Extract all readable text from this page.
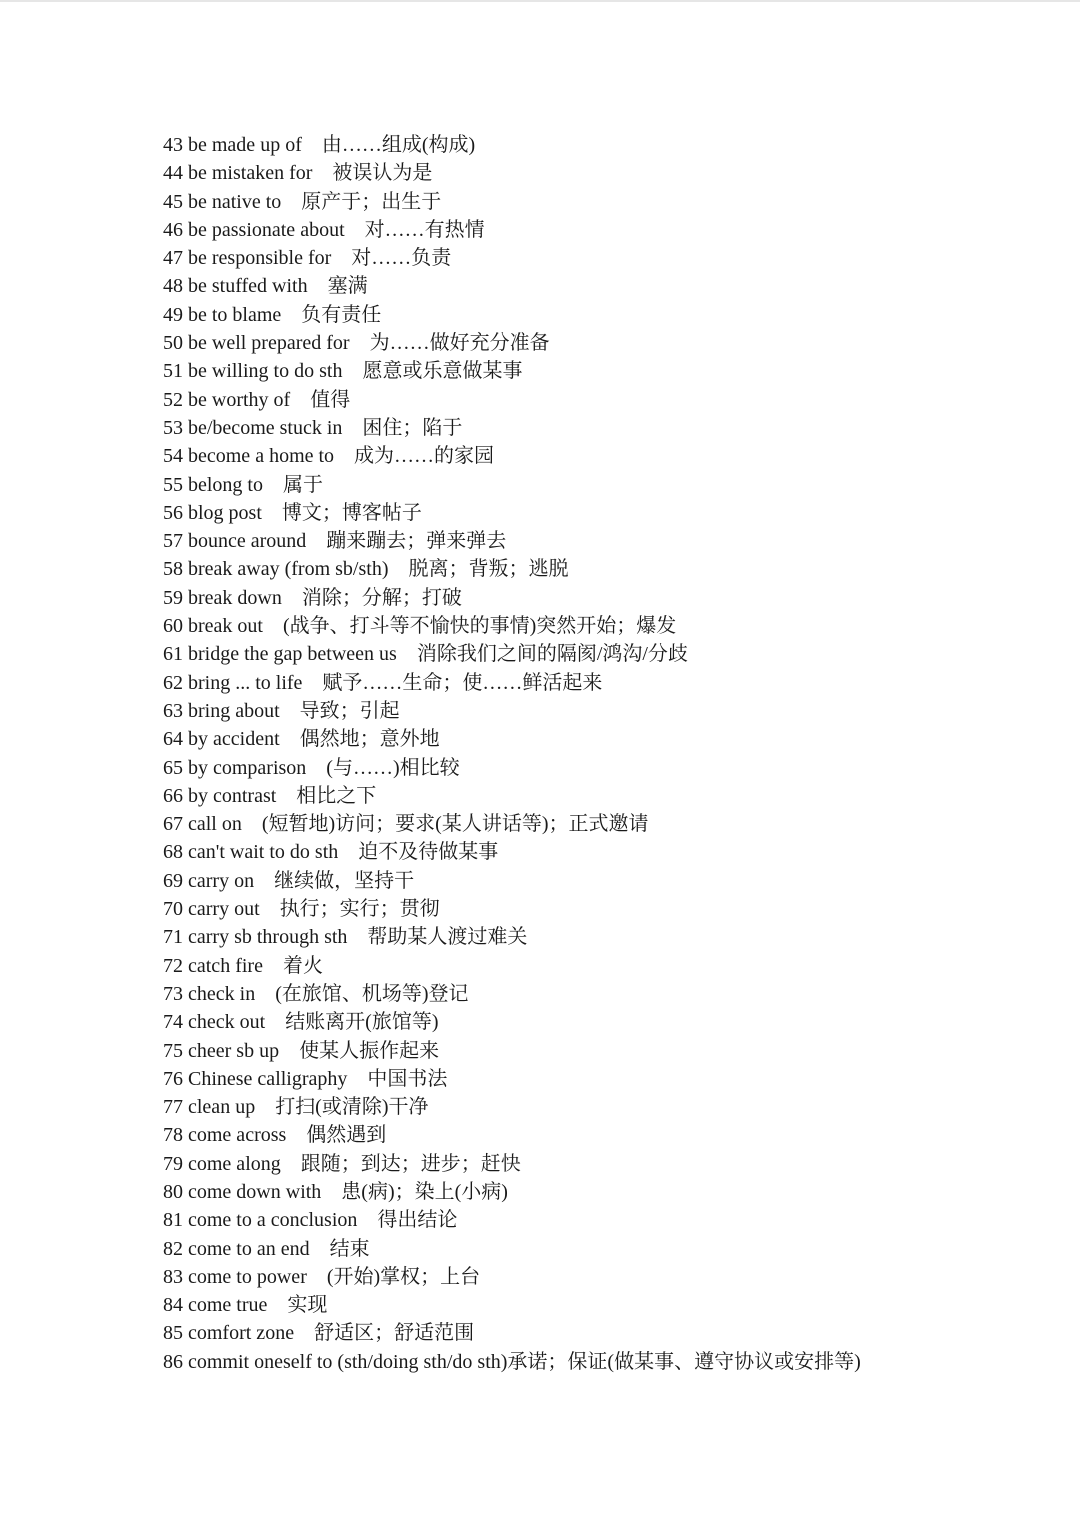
43 be made up of    由……组成(构成)
44 be mistaken for    被误认为是
45 be native to    原产于；出生于
46 be passionate about    对……有热情
47 be responsible for    对……负责
48 be stuffed with    塞满
49 be to blame    负有责任
50 be well prepared for    为……做好充分准备
51 be willing to do sth    愿意或乐意做某事
52 be worthy of    值得
53 be/become stuck in    困住；陷于
54 become a home to    成为……的家园
55 belong to    属于
56 blog post    博文；博客帖子
57 bounce around    蹦来蹦去；弹来弹去
58 break away (from sb/sth)    脱离；背叛；逃脱
59 break down    消除；分解；打破
60 break out    (战争、打斗等不愉快的事情)突然开始；爆发
61 bridge the gap between us    消除我们之间的隔阂/鸿沟/分歧
62 bring ... to life    赋予……生命；使……鲜活起来
63 bring about    导致；引起
64 by accident    偶然地；意外地
65 by comparison    (与……)相比较
66 by contrast    相比之下
67 call on    (短暂地)访问；要求(某人讲话等)；正式邀请
68 can't wait to do sth    迫不及待做某事
69 carry on    继续做，坚持干
70 carry out    执行；实行；贯彻
71 carry sb through sth    帮助某人渡过难关
72 catch fire    着火
73 check in    (在旅馆、机场等)登记
74 check out    结账离开(旅馆等)
75 cheer sb up    使某人振作起来
76 Chinese calligraphy    中国书法
77 clean up    打扫(或清除)干净
78 come across    偶然遇到
79 come along    跟随；到达；进步；赶快
80 come down with    患(病)；染上(小病)
81 come to a conclusion    得出结论
82 come to an end    结束
83 come to power    (开始)掌权；上台
84 come true    实现
85 comfort zone    舒适区；舒适范围
86 commit oneself to (sth/doing sth/do sth)承诺；保证(做某事、遵守协议或安排等)
